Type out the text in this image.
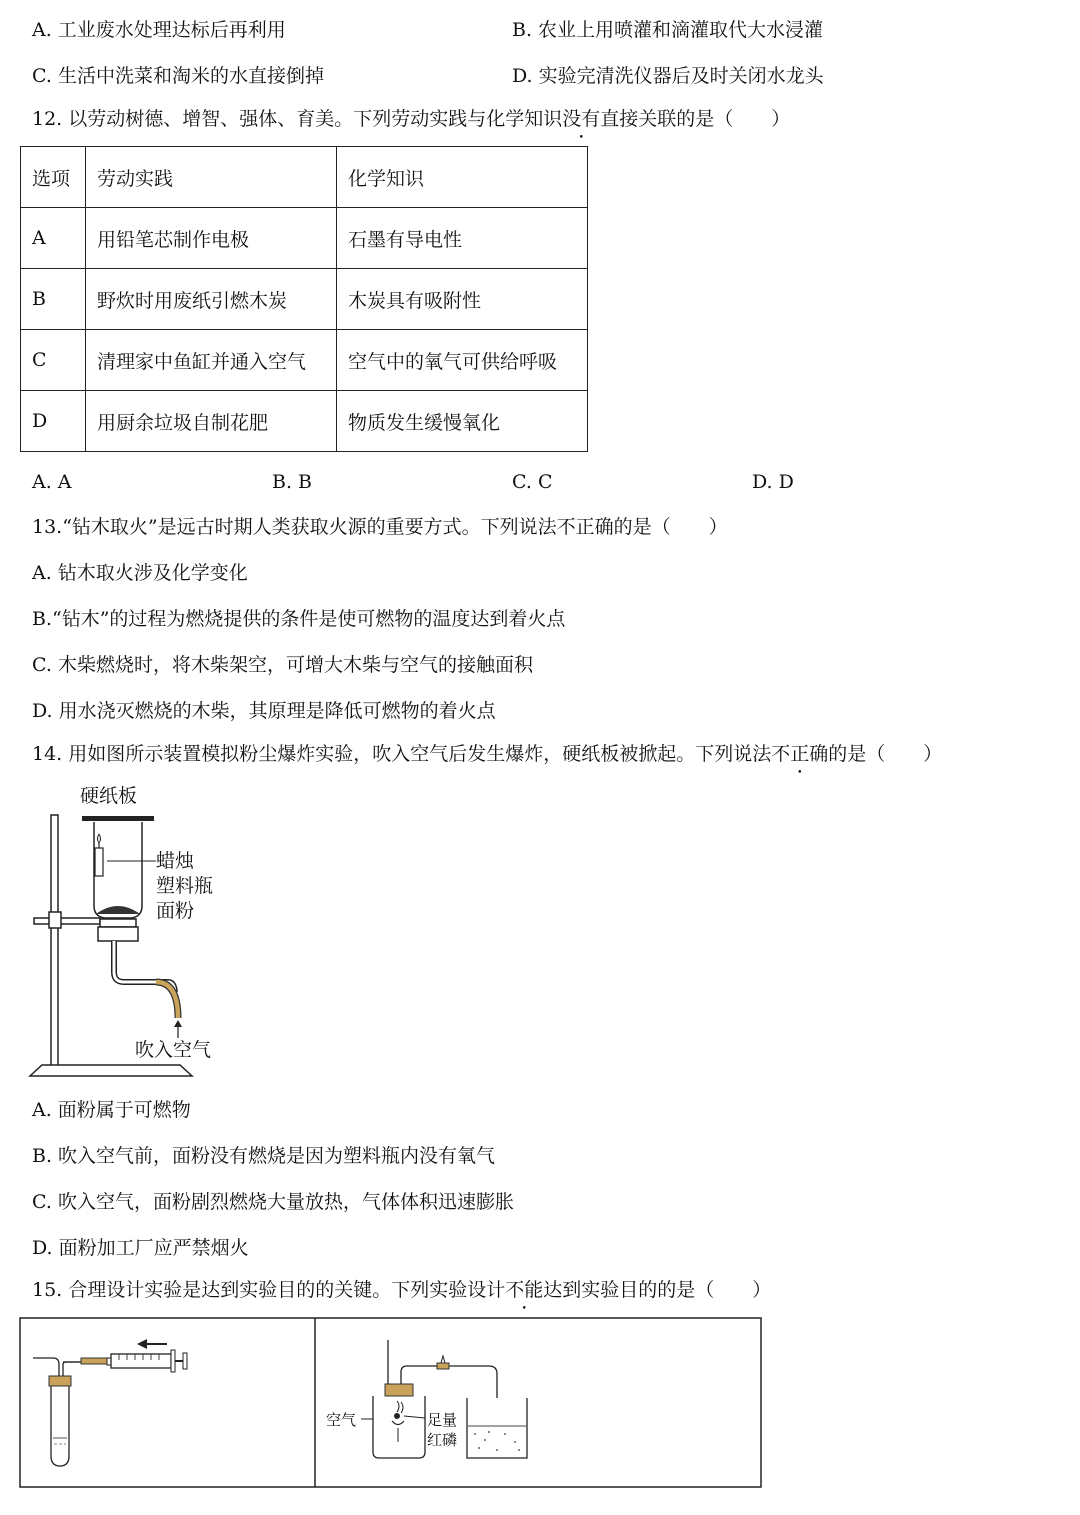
A. 工业废水处理达标后再利用	B. 农业上用喷灌和滴灌取代大水浸灌
C. 生活中洗菜和淘米的水直接倒掉	D. 实验完清洗仪器后及时关闭水龙头
12. 以劳动树德、增智、强体、育美。下列劳动实践与化学知识没有直接关联的是（　　）
选项	劳动实践	化学知识
A	用铅笔芯制作电极	石墨有导电性
B	野炊时用废纸引燃木炭	木炭具有吸附性
C	清理家中鱼缸并通入空气	空气中的氧气可供给呼吸
D	用厨余垃圾自制花肥	物质发生缓慢氧化
A. A	B. B	C. C	D. D
13.“钻木取火”是远古时期人类获取火源的重要方式。下列说法不正确的是（　　）
A. 钻木取火涉及化学变化
B.“钻木”的过程为燃烧提供的条件是使可燃物的温度达到着火点
C. 木柴燃烧时，将木柴架空，可增大木柴与空气的接触面积
D. 用水浇灭燃烧的木柴，其原理是降低可燃物的着火点
14. 用如图所示装置模拟粉尘爆炸实验，吹入空气后发生爆炸，硬纸板被掀起。下列说法不正确的是（　　）
硬纸板
蜡烛
塑料瓶
面粉
吹入空气
A. 面粉属于可燃物
B. 吹入空气前，面粉没有燃烧是因为塑料瓶内没有氧气
C. 吹入空气，面粉剧烈燃烧大量放热，气体体积迅速膨胀
D. 面粉加工厂应严禁烟火
15. 合理设计实验是达到实验目的的关键。下列实验设计不能达到实验目的的是（　　）
空气	足量
红磷
